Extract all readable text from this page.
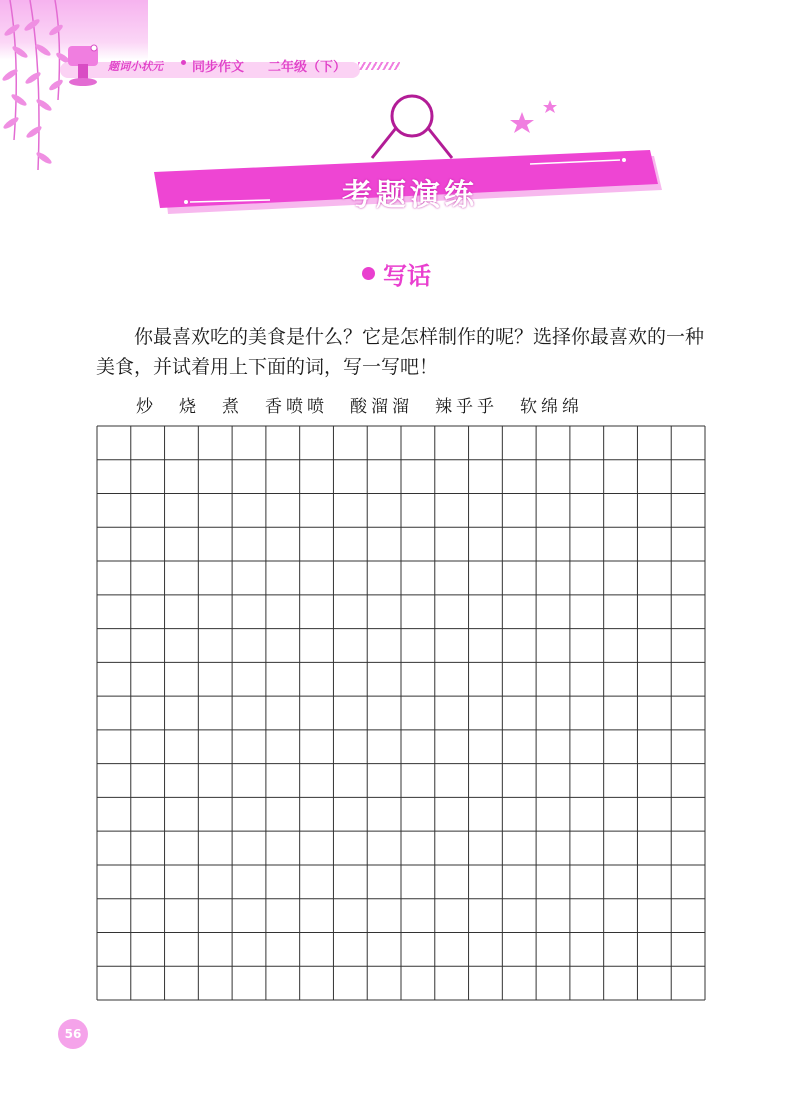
题词小状元 同步作文 二年级（下）
考题演练
写话
你最喜欢吃的美食是什么？它是怎样制作的呢？选择你最喜欢的一种美食，并试着用上下面的词，写一写吧！
炒 烧 煮 香喷喷 酸溜溜 辣乎乎 软绵绵
56
